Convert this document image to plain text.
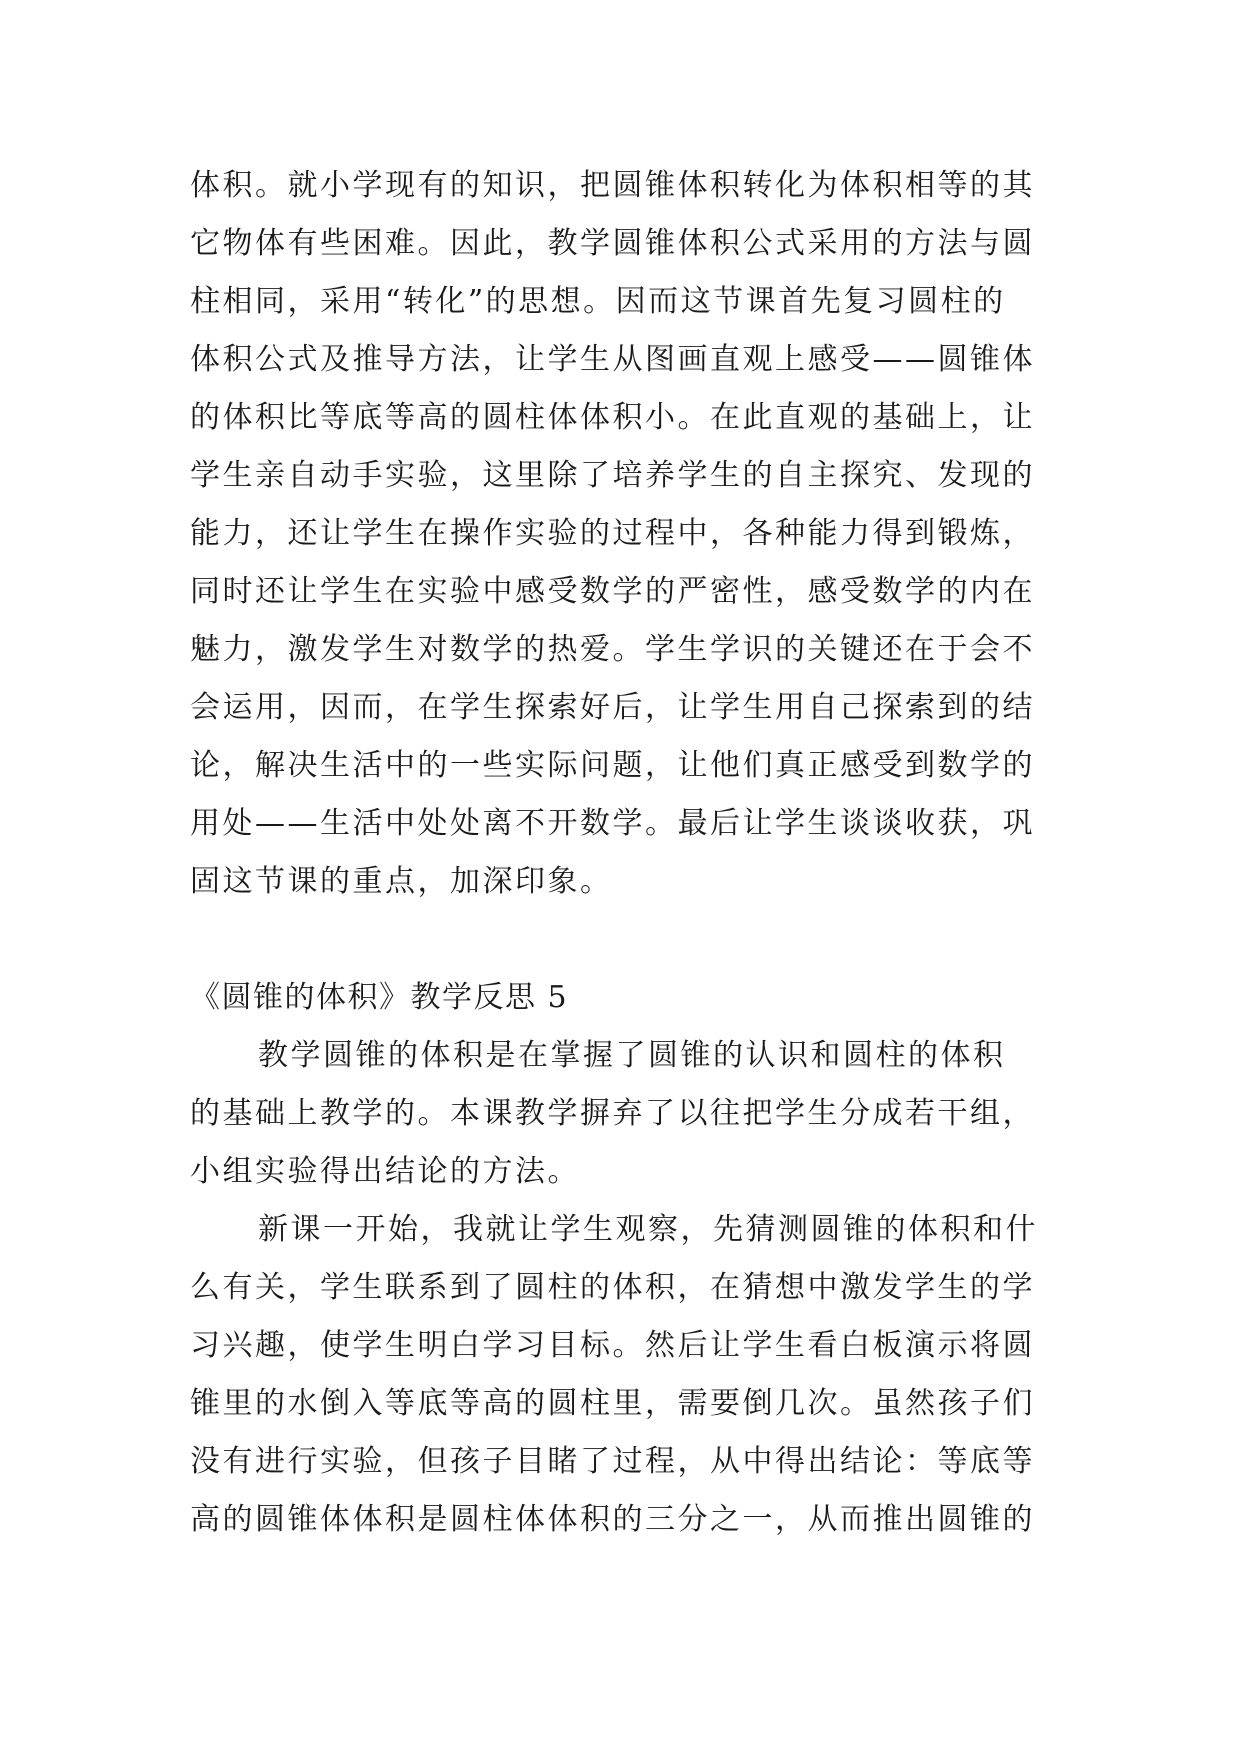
体积。就小学现有的知识，把圆锥体积转化为体积相等的其
它物体有些困难。因此，教学圆锥体积公式采用的方法与圆
柱相同，采用“转化”的思想。因而这节课首先复习圆柱的
体积公式及推导方法，让学生从图画直观上感受——圆锥体
的体积比等底等高的圆柱体体积小。在此直观的基础上，让
学生亲自动手实验，这里除了培养学生的自主探究、发现的
能力，还让学生在操作实验的过程中，各种能力得到锻炼，
同时还让学生在实验中感受数学的严密性，感受数学的内在
魅力，激发学生对数学的热爱。学生学识的关键还在于会不
会运用，因而，在学生探索好后，让学生用自己探索到的结
论，解决生活中的一些实际问题，让他们真正感受到数学的
用处——生活中处处离不开数学。最后让学生谈谈收获，巩
固这节课的重点，加深印象。
《圆锥的体积》教学反思 5
教学圆锥的体积是在掌握了圆锥的认识和圆柱的体积
的基础上教学的。本课教学摒弃了以往把学生分成若干组，
小组实验得出结论的方法。
新课一开始，我就让学生观察，先猜测圆锥的体积和什
么有关，学生联系到了圆柱的体积，在猜想中激发学生的学
习兴趣，使学生明白学习目标。然后让学生看白板演示将圆
锥里的水倒入等底等高的圆柱里，需要倒几次。虽然孩子们
没有进行实验，但孩子目睹了过程，从中得出结论：等底等
高的圆锥体体积是圆柱体体积的三分之一，从而推出圆锥的
